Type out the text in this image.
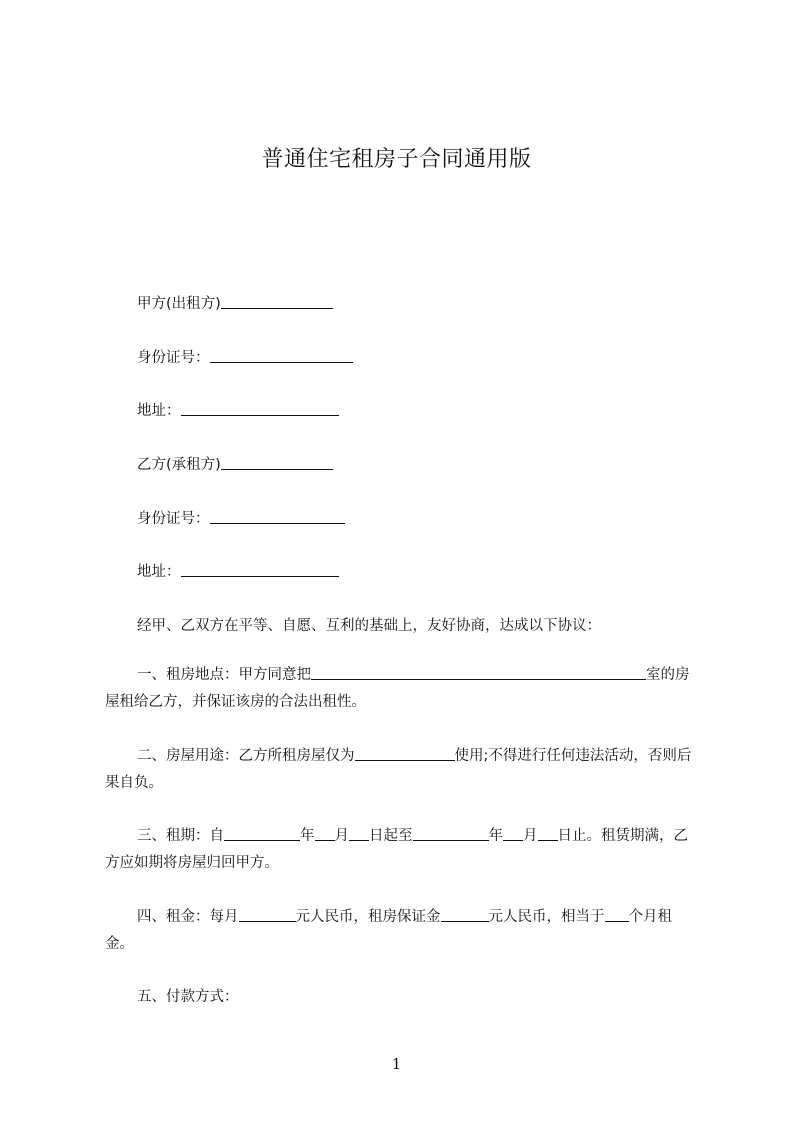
普通住宅租房子合同通用版
甲方(出租方)
身份证号：
地址：
乙方(承租方)
身份证号：
地址：
经甲、乙双方在平等、自愿、互利的基础上，友好协商，达成以下协议：
一、租房地点：甲方同意把	室的房屋租给乙方，并保证该房的合法出租性。
二、房屋用途：乙方所租房屋仅为	使用;不得进行任何违法活动，否则后果自负。
三、租期：自	年 月 日起至	年 月 日止。租赁期满，乙方应如期将房屋归回甲方。
四、租金：每月	元人民币，租房保证金	元人民币，相当于 个月租金。
五、付款方式：
1
